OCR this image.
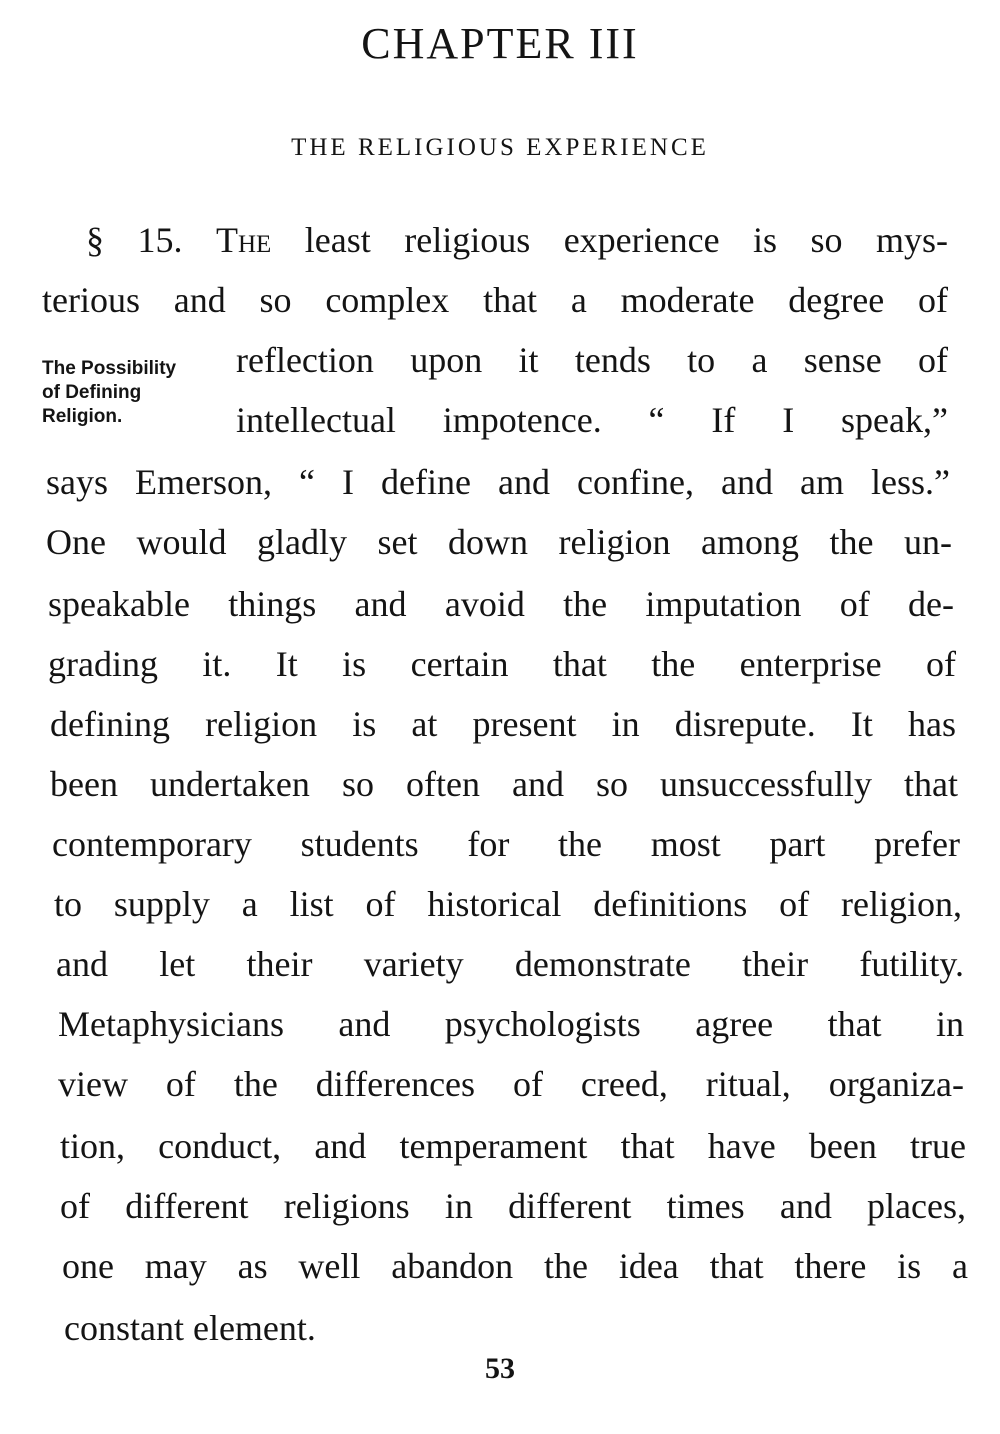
CHAPTER III
THE RELIGIOUS EXPERIENCE
The Possibility
of Defining
Religion.
§ 15. The least religious experience is so mys-
terious and so complex that a moderate degree of
reflection upon it tends to a sense of
intellectual impotence. “ If I speak,”
says Emerson, “ I define and confine, and am less.”
One would gladly set down religion among the un-
speakable things and avoid the imputation of de-
grading it. It is certain that the enterprise of
defining religion is at present in disrepute. It has
been undertaken so often and so unsuccessfully that
contemporary students for the most part prefer
to supply a list of historical definitions of religion,
and let their variety demonstrate their futility.
Metaphysicians and psychologists agree that in
view of the differences of creed, ritual, organiza-
tion, conduct, and temperament that have been true
of different religions in different times and places,
one may as well abandon the idea that there is a
constant element.
53
